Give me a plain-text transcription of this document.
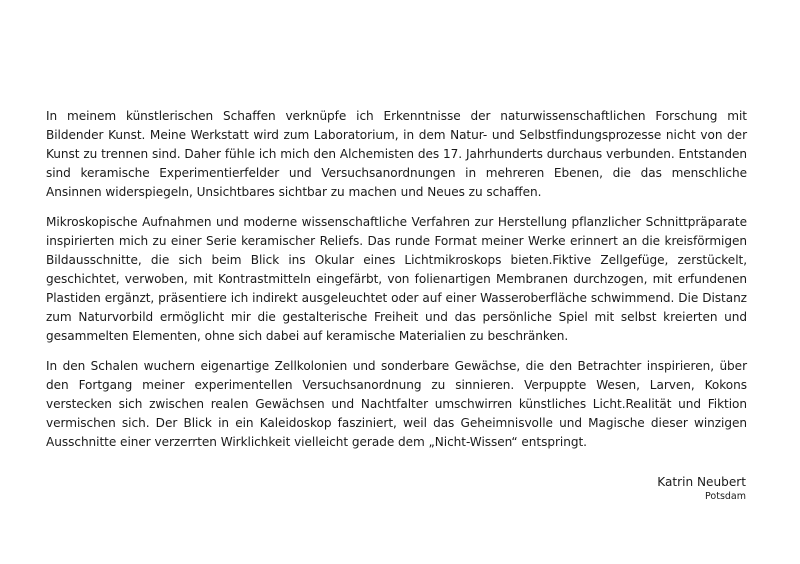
In meinem künstlerischen Schaffen verknüpfe ich Erkenntnisse der naturwissenschaftlichen Forschung mit Bildender Kunst. Meine Werkstatt wird zum Laboratorium, in dem Natur- und Selbstfindungsprozesse nicht von der Kunst zu trennen sind. Daher fühle ich mich den Alchemisten des 17. Jahrhunderts durchaus verbunden. Entstanden sind keramische Experimentierfelder und Versuchsanordnungen in mehreren Ebenen, die das menschliche Ansinnen widerspiegeln, Unsichtbares sichtbar zu machen und Neues zu schaffen.

Mikroskopische Aufnahmen und moderne wissenschaftliche Verfahren zur Herstellung pflanzlicher Schnittpräparate inspirierten mich zu einer Serie keramischer Reliefs. Das runde Format meiner Werke erinnert an die kreisförmigen Bildausschnitte, die sich beim Blick ins Okular eines Lichtmikroskops bieten.Fiktive Zellgefüge, zerstückelt, geschichtet, verwoben, mit Kontrastmitteln eingefärbt, von folienartigen Membranen durchzogen, mit erfundenen Plastiden ergänzt, präsentiere ich indirekt ausgeleuchtet oder auf einer Wasseroberfläche schwimmend. Die Distanz zum Naturvorbild ermöglicht mir die gestalterische Freiheit und das persönliche Spiel mit selbst kreierten und gesammelten Elementen, ohne sich dabei auf keramische Materialien zu beschränken.

In den Schalen wuchern eigenartige Zellkolonien und sonderbare Gewächse, die den Betrachter inspirieren, über den Fortgang meiner experimentellen Versuchsanordnung zu sinnieren. Verpuppte Wesen, Larven, Kokons verstecken sich zwischen realen Gewächsen und Nachtfalter umschwirren künstliches Licht.Realität und Fiktion vermischen sich. Der Blick in ein Kaleidoskop fasziniert, weil das Geheimnisvolle und Magische dieser winzigen Ausschnitte einer verzerrten Wirklichkeit vielleicht gerade dem „Nicht-Wissen“ entspringt.

Katrin Neubert
Potsdam
